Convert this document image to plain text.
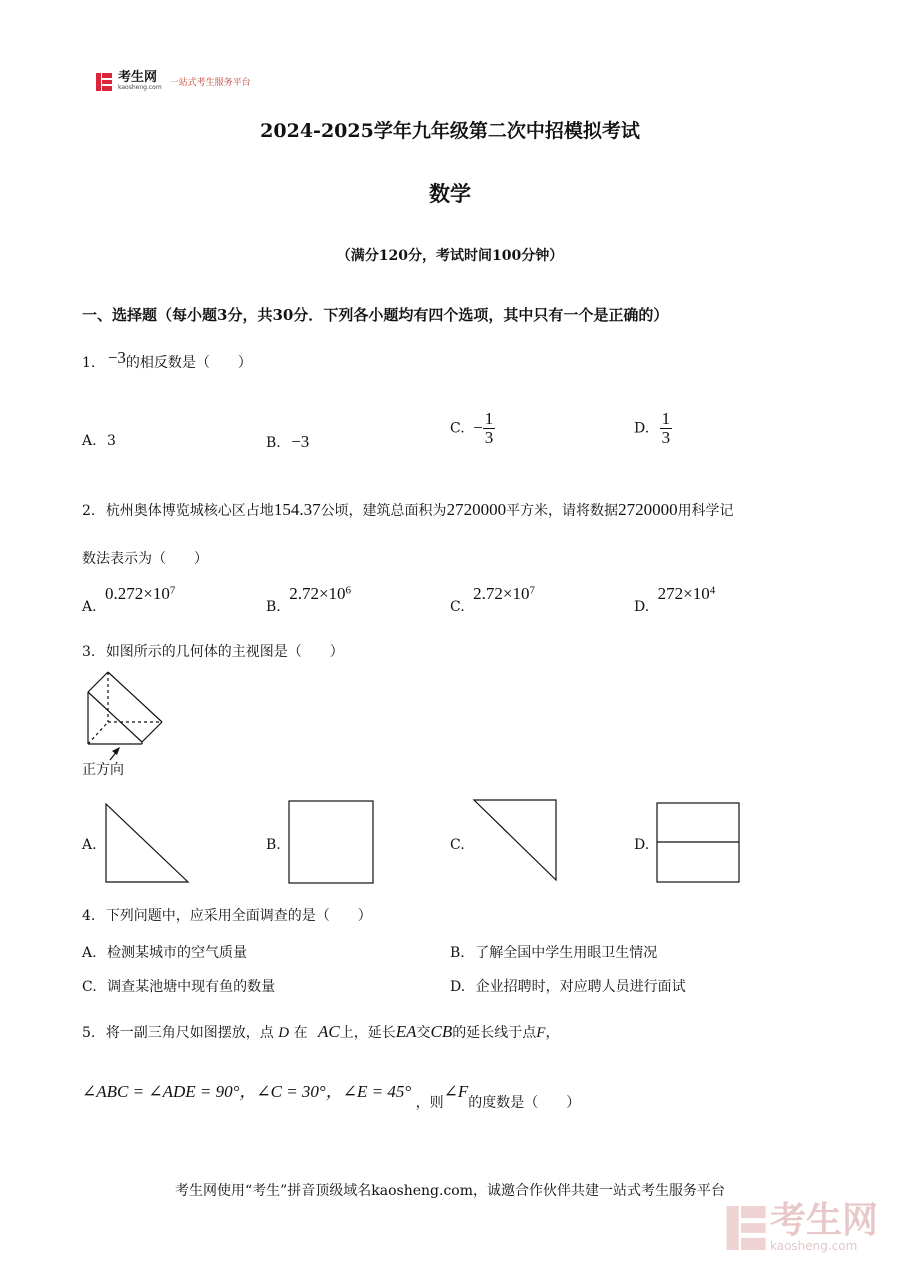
考生网
kaosheng.com 一站式考生服务平台
2024-2025学年九年级第二次中招模拟考试
数学
（满分120分，考试时间100分钟）
一、选择题（每小题3分，共30分．下列各小题均有四个选项，其中只有一个是正确的）
1. −3的相反数是（　　）
A. 3	B. −3
C. − $\frac{1}{3}$	D. $\frac{1}{3}$
2. 杭州奥体博览城核心区占地154.37公顷，建筑总面积为2720000平方米，请将数据2720000用科学记
数法表示为（　　）
A. $0.272\times 10^7$
B. $2.72\times 10^6$
C. $2.72\times 10^7$
D. $272\times 10^4$
3. 如图所示的几何体的主视图是（　　）
正方向
A.	B.	C.	D.
4. 下列问题中，应采用全面调查的是（　　）
A. 检测某城市的空气质量	B. 了解全国中学生用眼卫生情况
C. 调查某池塘中现有鱼的数量	D. 企业招聘时，对应聘人员进行面试
5. 将一副三角尺如图摆放，点 D 在 AC上，延长EA交CB的延长线于点F，
∠ABC = ∠ADE = 90°，∠C = 30°，∠E = 45° ，则∠F的度数是（　　）
考生网使用“考生”拼音顶级域名kaosheng.com，诚邀合作伙伴共建一站式考生服务平台
考生网
kaosheng.com
